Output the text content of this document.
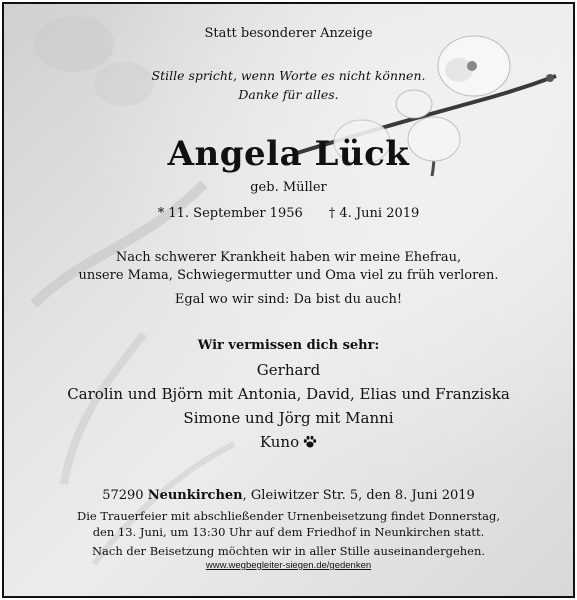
Statt besonderer Anzeige
Stille spricht, wenn Worte es nicht können.
Danke für alles.
Angela Lück
geb. Müller
* 11. September 1956 † 4. Juni 2019
Nach schwerer Krankheit haben wir meine Ehefrau,
unsere Mama, Schwiegermutter und Oma viel zu früh verloren.
Egal wo wir sind: Da bist du auch!
Wir vermissen dich sehr:
Gerhard
Carolin und Björn mit Antonia, David, Elias und Franziska
Simone und Jörg mit Manni
Kuno
57290 Neunkirchen, Gleiwitzer Str. 5, den 8. Juni 2019
Die Trauerfeier mit abschließender Urnenbeisetzung findet Donnerstag,
den 13. Juni, um 13:30 Uhr auf dem Friedhof in Neunkirchen statt.
Nach der Beisetzung möchten wir in aller Stille auseinandergehen.
www.wegbegleiter-siegen.de/gedenken
